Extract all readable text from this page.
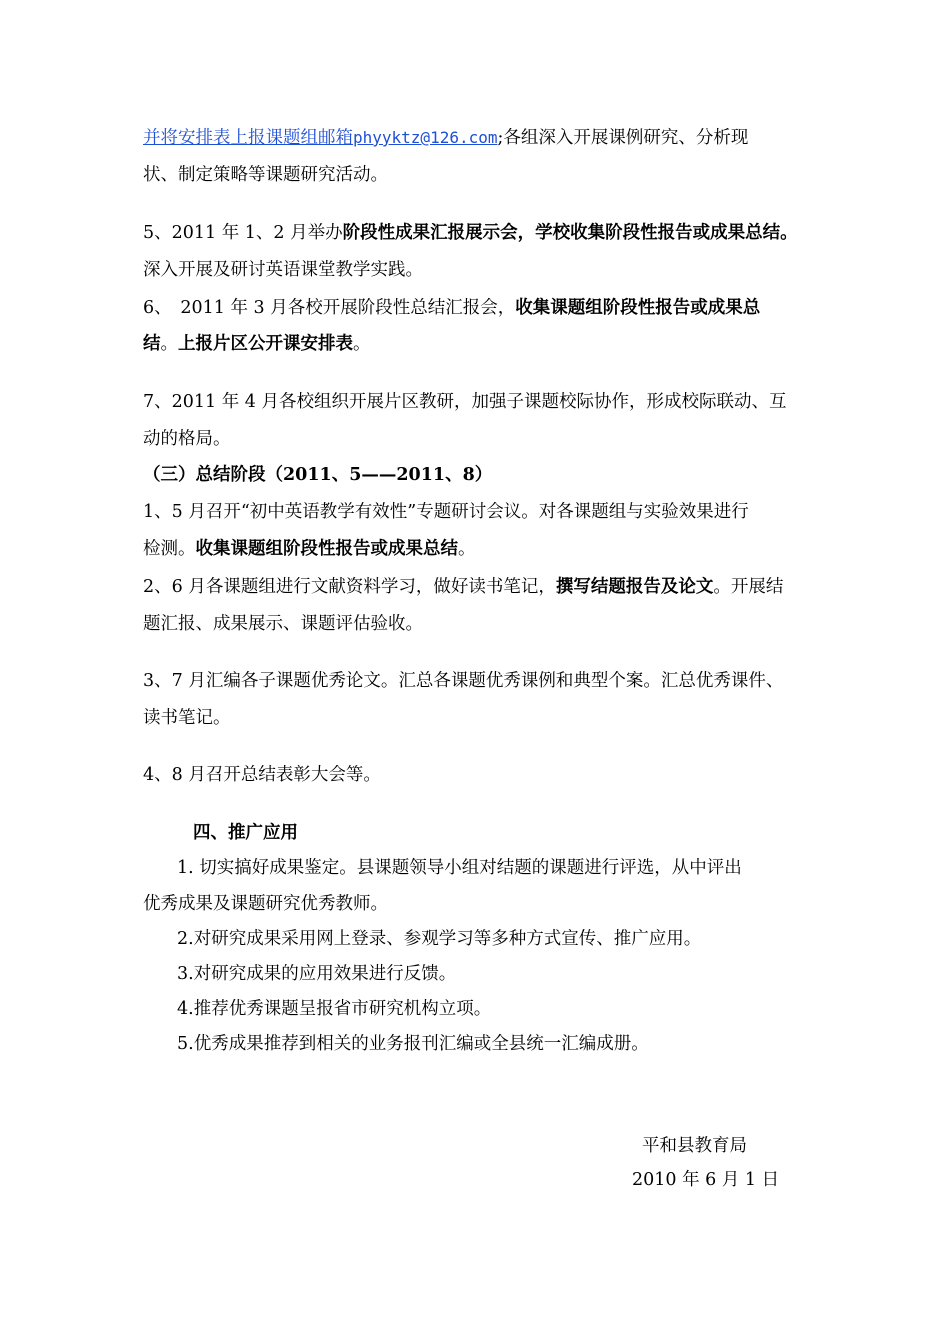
并将安排表上报课题组邮箱phyyktz@126.com;各组深入开展课例研究、分析现
状、制定策略等课题研究活动。
5、2011 年 1、2 月举办阶段性成果汇报展示会，学校收集阶段性报告或成果总结。
深入开展及研讨英语课堂教学实践。
6、　2011 年 3 月各校开展阶段性总结汇报会，收集课题组阶段性报告或成果总
结。上报片区公开课安排表。
7、2011 年 4 月各校组织开展片区教研，加强子课题校际协作，形成校际联动、互
动的格局。
（三）总结阶段（2011、5——2011、8）
1、5 月召开“初中英语教学有效性”专题研讨会议。对各课题组与实验效果进行
检测。收集课题组阶段性报告或成果总结。
2、6 月各课题组进行文献资料学习，做好读书笔记，撰写结题报告及论文。开展结
题汇报、成果展示、课题评估验收。
3、7 月汇编各子课题优秀论文。汇总各课题优秀课例和典型个案。汇总优秀课件、
读书笔记。
4、8 月召开总结表彰大会等。
四、推广应用
1. 切实搞好成果鉴定。县课题领导小组对结题的课题进行评选，从中评出
优秀成果及课题研究优秀教师。
2.对研究成果采用网上登录、参观学习等多种方式宣传、推广应用。
3.对研究成果的应用效果进行反馈。
4.推荐优秀课题呈报省市研究机构立项。
5.优秀成果推荐到相关的业务报刊汇编或全县统一汇编成册。
平和县教育局
2010 年 6 月 1 日
